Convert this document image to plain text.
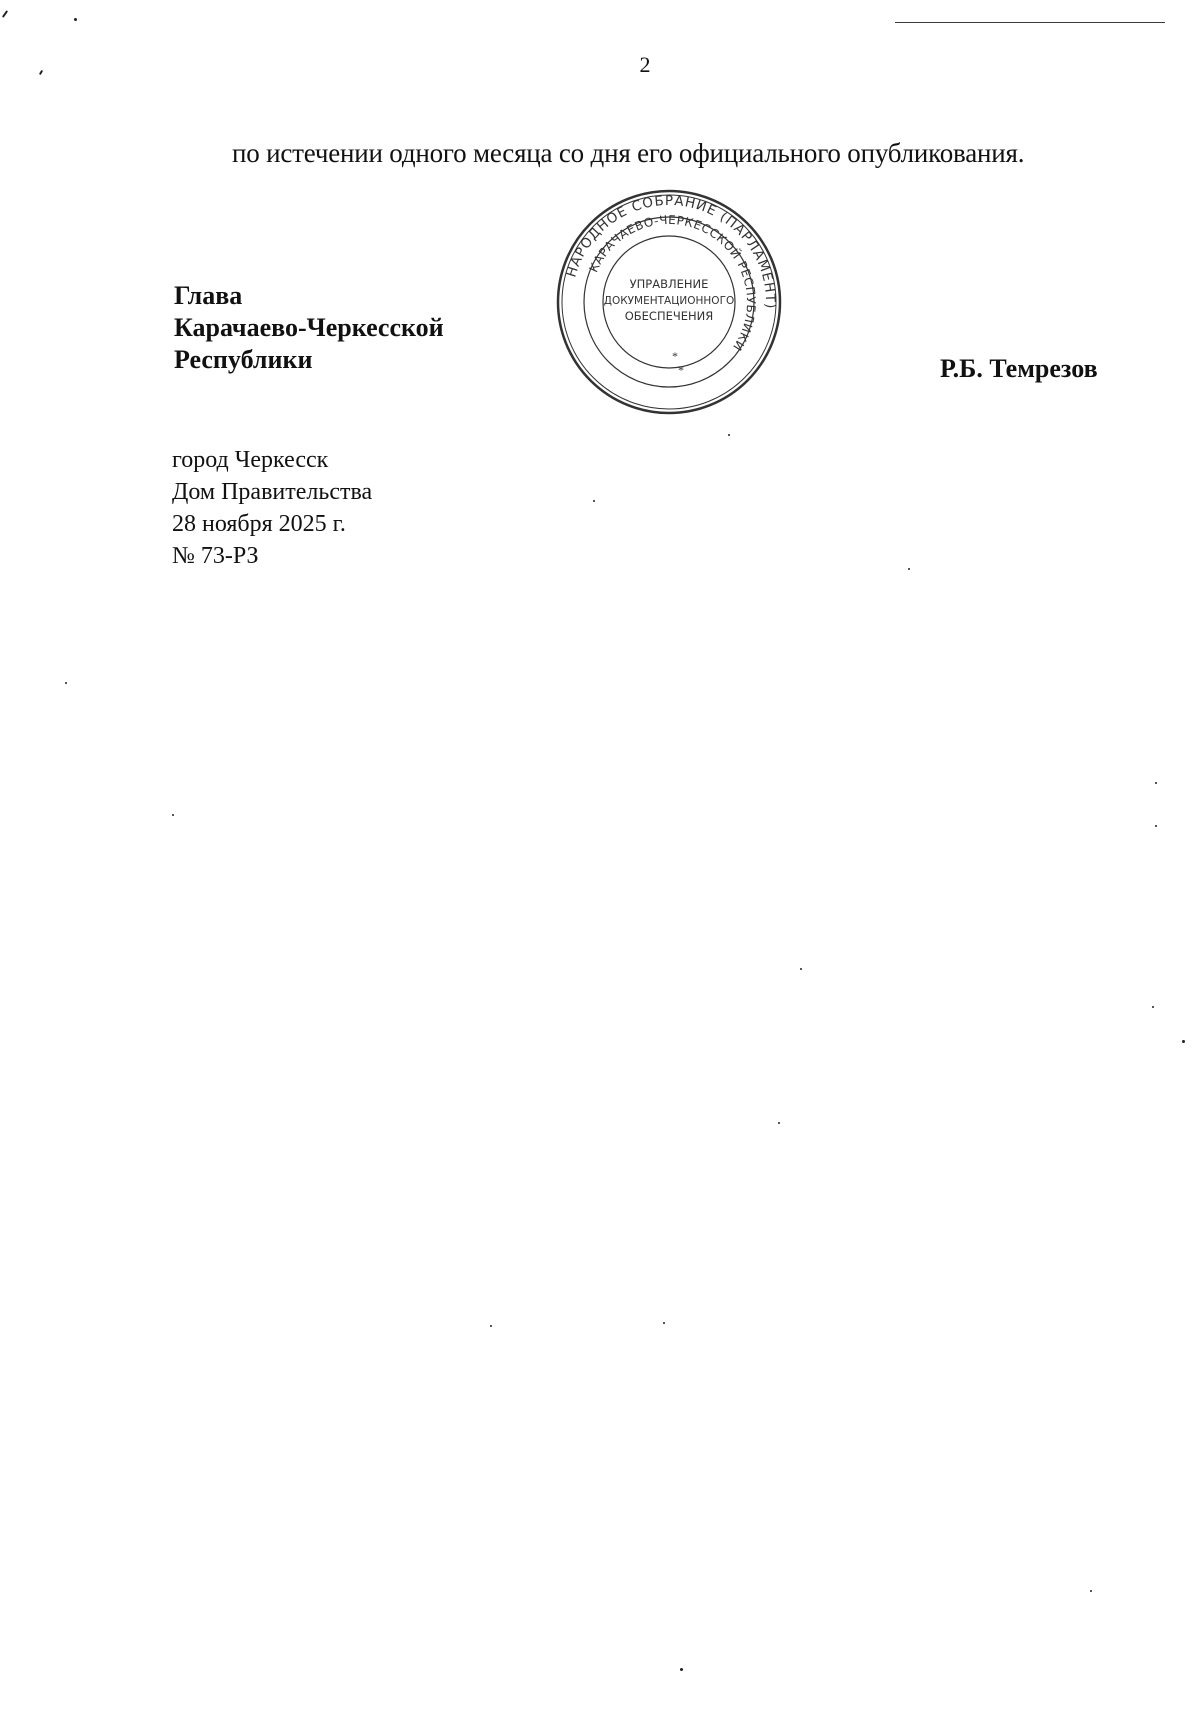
2
по истечении одного месяца со дня его официального опубликования.
Глава
Карачаево-Черкесской
Республики
НАРОДНОЕ СОБРАНИЕ (ПАРЛАМЕНТ)
КАРАЧАЕВО-ЧЕРКЕССКОЙ РЕСПУБЛИКИ
УПРАВЛЕНИЕ
ДОКУМЕНТАЦИОННОГО
ОБЕСПЕЧЕНИЯ
*
*	Р.Б. Темрезов
город Черкесск
Дом Правительства
28 ноября 2025 г.
№ 73-РЗ
